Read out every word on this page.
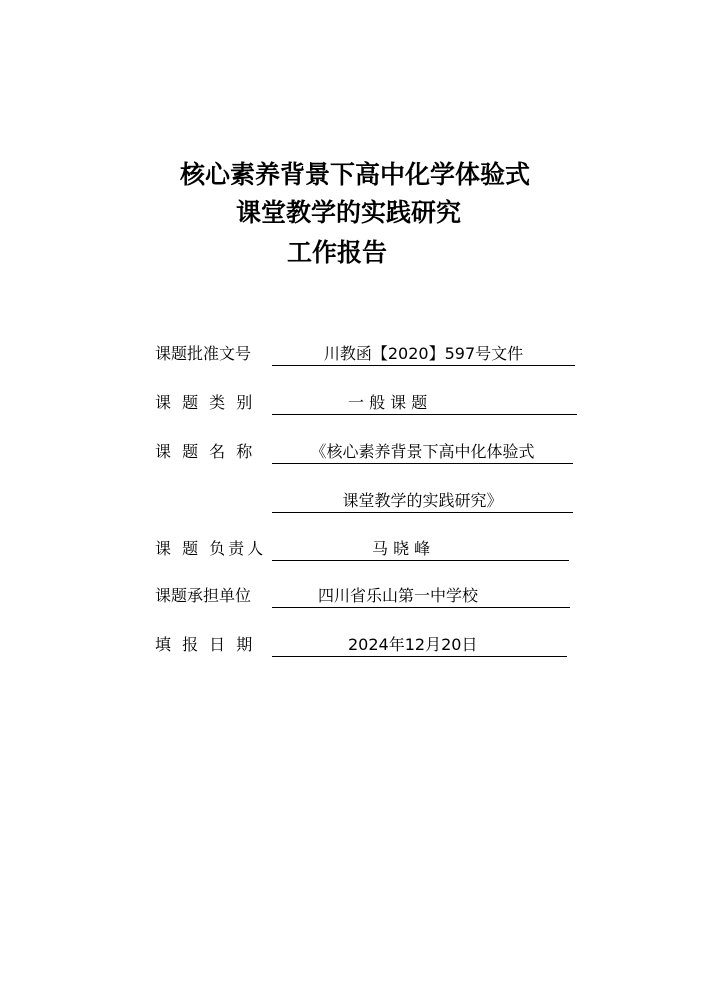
核心素养背景下高中化学体验式
课堂教学的实践研究
工作报告
课题批准文号	川教函【2020】597号文件
课 题 类 别	一 般 课 题
课 题 名 称	《核心素养背景下高中化体验式
课堂教学的实践研究》
课 题 负责人	马 晓 峰
课题承担单位	四川省乐山第一中学校
填 报 日 期	2024年12月20日
